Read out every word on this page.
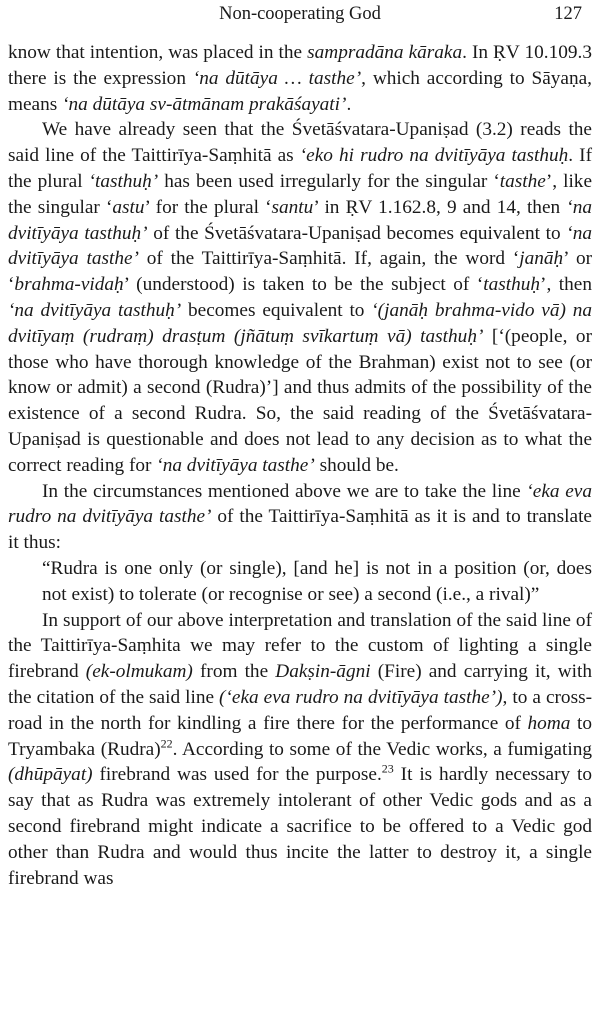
Non-cooperating God	127

know that intention, was placed in the sampradāna kāraka. In ṚV 10.109.3 there is the expression ‘na dūtāya … tasthe’, which according to Sāyaṇa, means ‘na dūtāya sv-ātmānam prakāśayati’.

We have already seen that the Śvetāśvatara-Upaniṣad (3.2) reads the said line of the Taittirīya-Saṃhitā as ‘eko hi rudro na dvitīyāya tasthuḥ. If the plural ‘tasthuḥ’ has been used irregularly for the singular ‘tasthe’, like the singular ‘astu’ for the plural ‘santu’ in ṚV 1.162.8, 9 and 14, then ‘na dvitīyāya tasthuḥ’ of the Śvetāśvatara-Upaniṣad becomes equivalent to ‘na dvitīyāya tasthe’ of the Taittirīya-Saṃhitā. If, again, the word ‘janāḥ’ or ‘brahma-vidaḥ’ (understood) is taken to be the subject of ‘tasthuḥ’, then ‘na dvitīyāya tasthuḥ’ becomes equivalent to ‘(janāḥ brahma-vido vā) na dvitīyaṃ (rudraṃ) drasṭum (jñātuṃ svīkartuṃ vā) tasthuḥ’ [‘(people, or those who have thorough knowledge of the Brahman) exist not to see (or know or admit) a second (Rudra)’] and thus admits of the possibility of the existence of a second Rudra. So, the said reading of the Śvetāśvatara-Upaniṣad is questionable and does not lead to any decision as to what the correct reading for ‘na dvitīyāya tasthe’ should be.

In the circumstances mentioned above we are to take the line ‘eka eva rudro na dvitīyāya tasthe’ of the Taittirīya-Saṃhitā as it is and to translate it thus:

“Rudra is one only (or single), [and he] is not in a position (or, does not exist) to tolerate (or recognise or see) a second (i.e., a rival)”

In support of our above interpretation and translation of the said line of the Taittirīya-Saṃhita we may refer to the custom of lighting a single firebrand (ek-olmukam) from the Dakṣin-āgni (Fire) and carrying it, with the citation of the said line (‘eka eva rudro na dvitīyāya tasthe’), to a cross-road in the north for kindling a fire there for the performance of homa to Tryambaka (Rudra)$^{22}$. According to some of the Vedic works, a fumigating (dhūpāyat) firebrand was used for the purpose.$^{23}$ It is hardly necessary to say that as Rudra was extremely intolerant of other Vedic gods and as a second firebrand might indicate a sacrifice to be offered to a Vedic god other than Rudra and would thus incite the latter to destroy it, a single firebrand was
